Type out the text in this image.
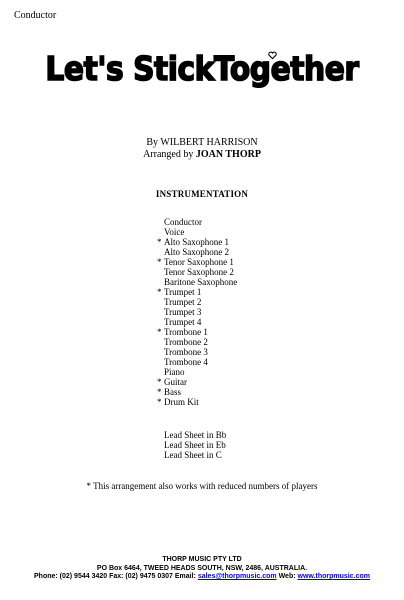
Conductor
Let's StickTogether
By WILBERT HARRISON
Arranged by JOAN THORP
INSTRUMENTATION
Conductor
Voice
* Alto Saxophone 1
Alto Saxophone 2
* Tenor Saxophone 1
Tenor Saxophone 2
Baritone Saxophone
* Trumpet 1
Trumpet 2
Trumpet 3
Trumpet 4
* Trombone 1
Trombone 2
Trombone 3
Trombone 4
Piano
* Guitar
* Bass
* Drum Kit
Lead Sheet in Bb
Lead Sheet in Eb
Lead Sheet in C
* This arrangement also works with reduced numbers of players
THORP MUSIC PTY LTD
PO Box 6464, TWEED HEADS SOUTH, NSW, 2486, AUSTRALIA.
Phone: (02) 9544 3420 Fax: (02) 9475 0307 Email: sales@thorpmusic.com Web: www.thorpmusic.com
